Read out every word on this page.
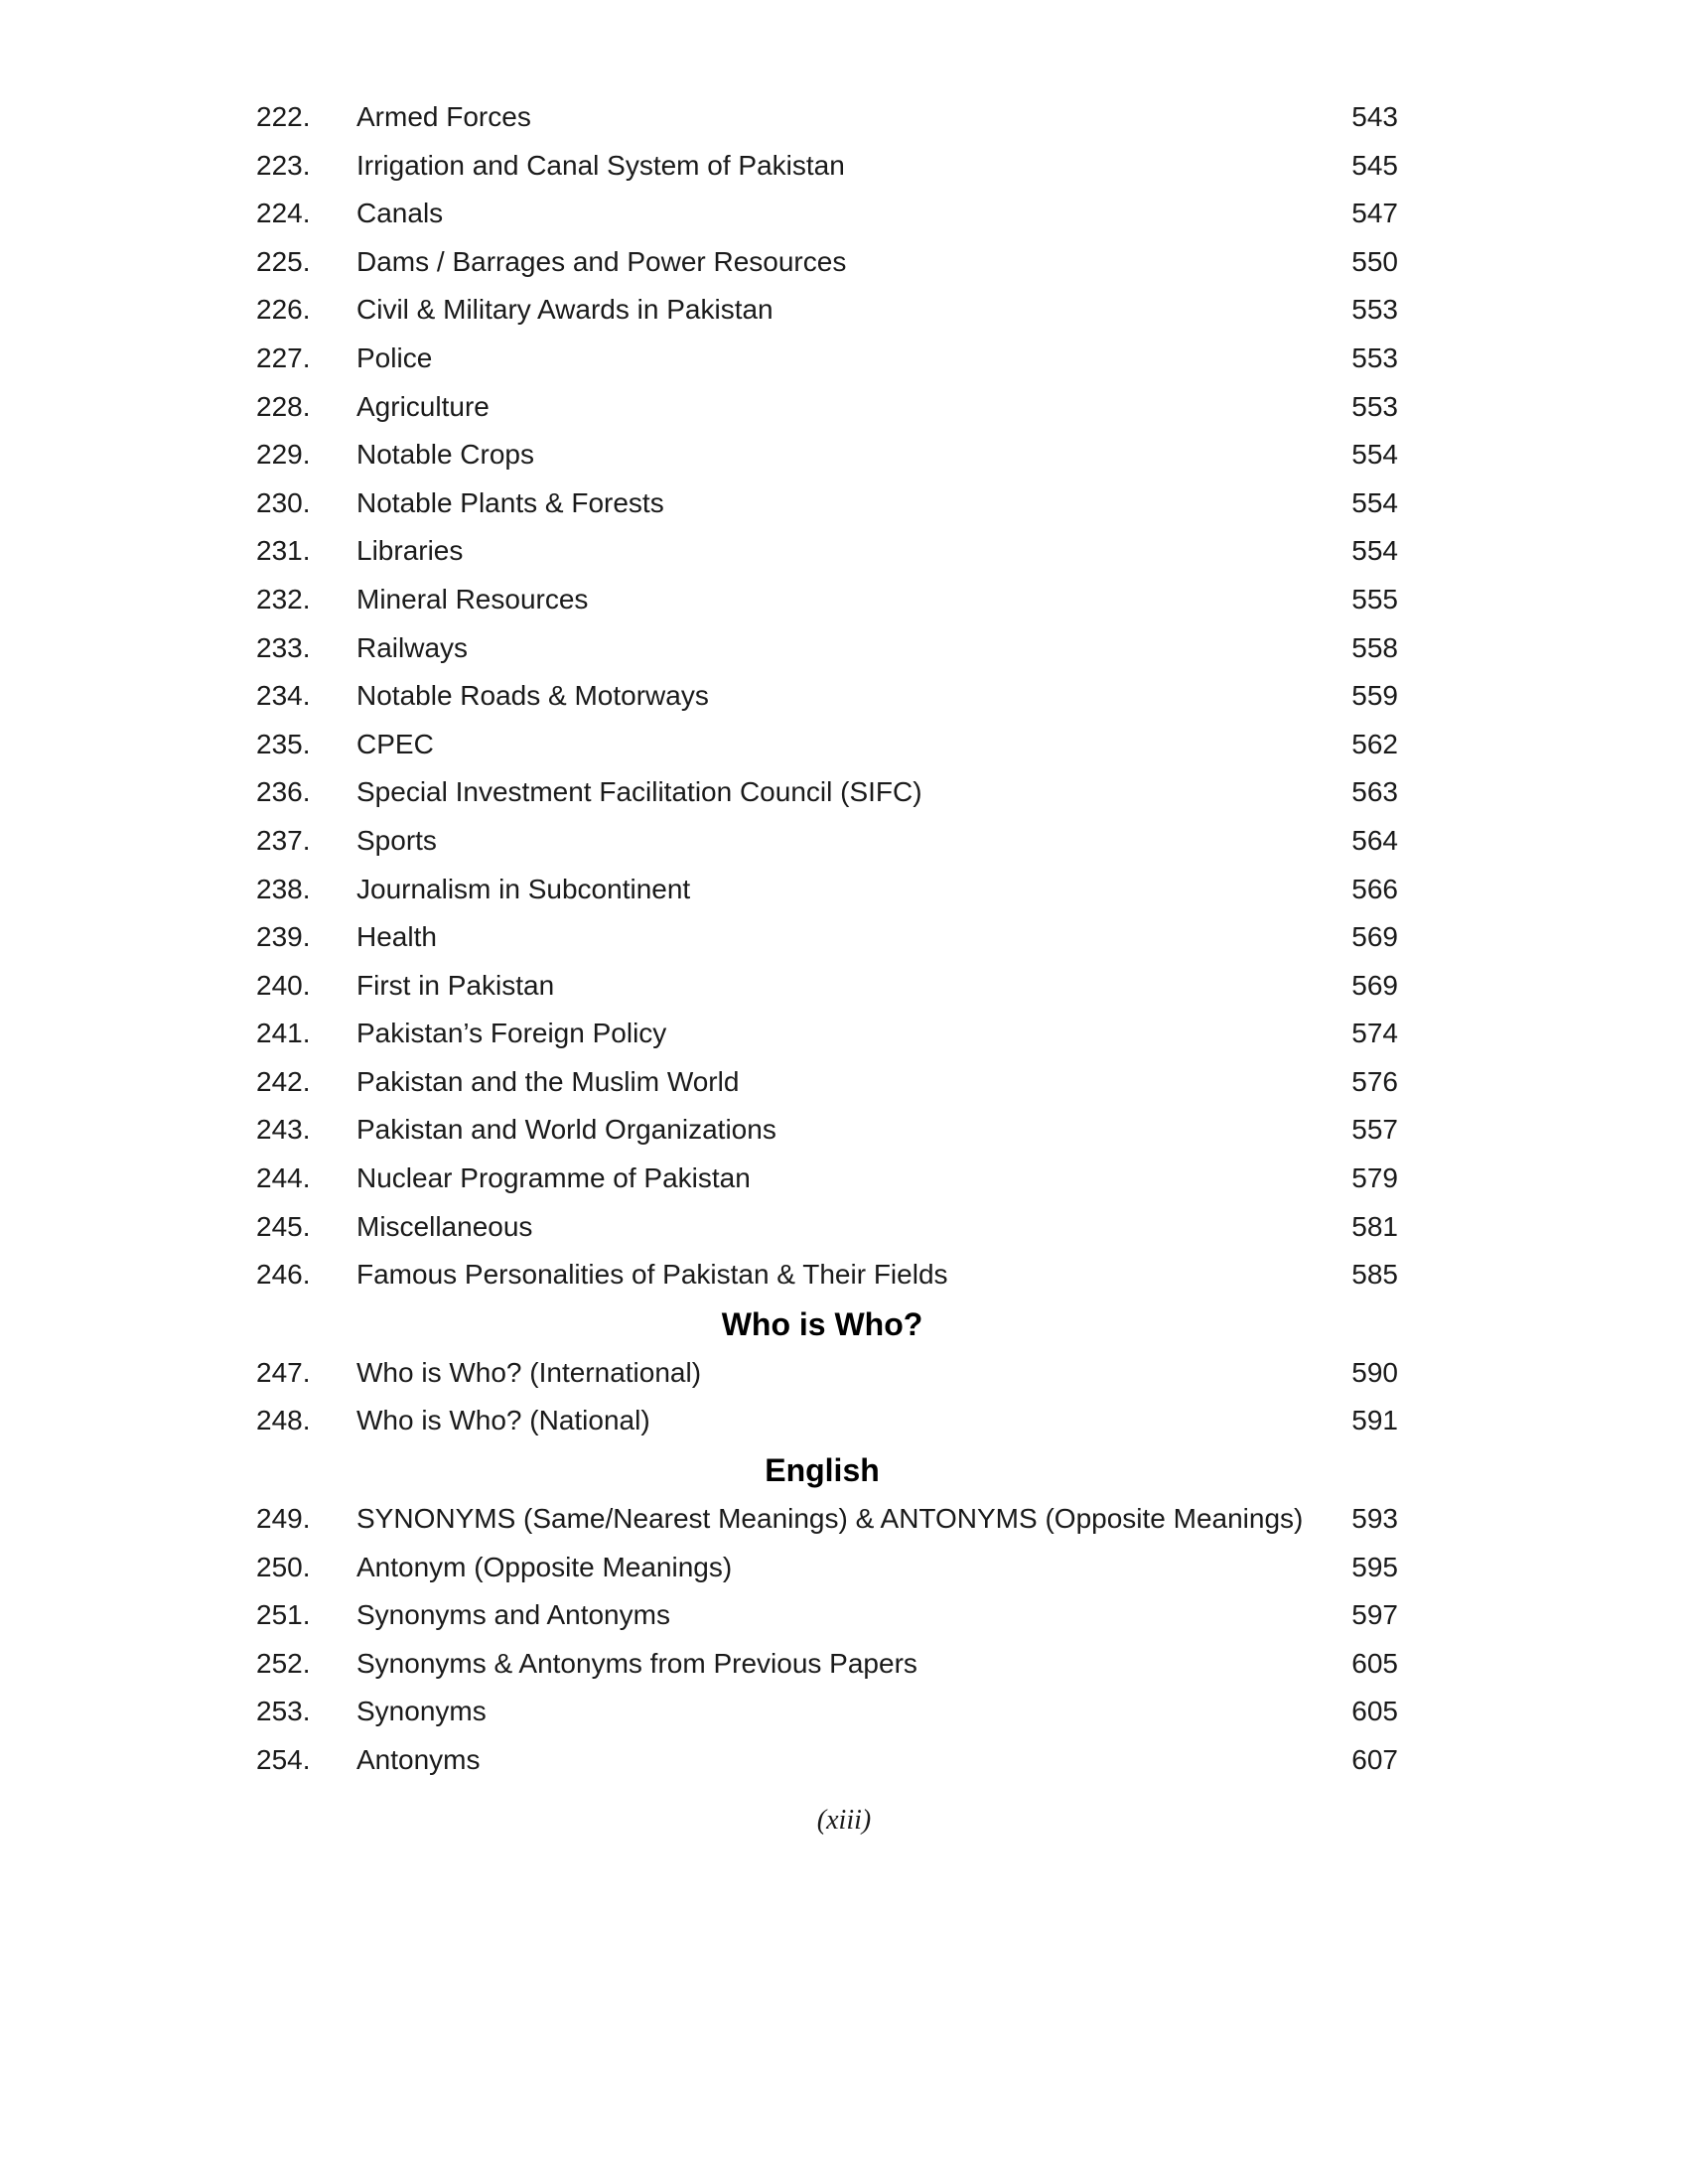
222. Armed Forces	543
223. Irrigation and Canal System of Pakistan	545
224. Canals	547
225. Dams / Barrages and Power Resources	550
226. Civil & Military Awards in Pakistan	553
227. Police	553
228. Agriculture	553
229. Notable Crops	554
230. Notable Plants & Forests	554
231. Libraries	554
232. Mineral Resources	555
233. Railways	558
234. Notable Roads & Motorways	559
235. CPEC	562
236. Special Investment Facilitation Council (SIFC)	563
237. Sports	564
238. Journalism in Subcontinent	566
239. Health	569
240. First in Pakistan	569
241. Pakistan’s Foreign Policy	574
242. Pakistan and the Muslim World	576
243. Pakistan and World Organizations	557
244. Nuclear Programme of Pakistan	579
245. Miscellaneous	581
246. Famous Personalities of Pakistan & Their Fields	585
Who is Who?
247. Who is Who? (International)	590
248. Who is Who? (National)	591
English
249. SYNONYMS (Same/Nearest Meanings) & ANTONYMS (Opposite Meanings)	593
250. Antonym (Opposite Meanings)	595
251. Synonyms and Antonyms	597
252. Synonyms & Antonyms from Previous Papers	605
253. Synonyms	605
254. Antonyms	607
(xiii)
